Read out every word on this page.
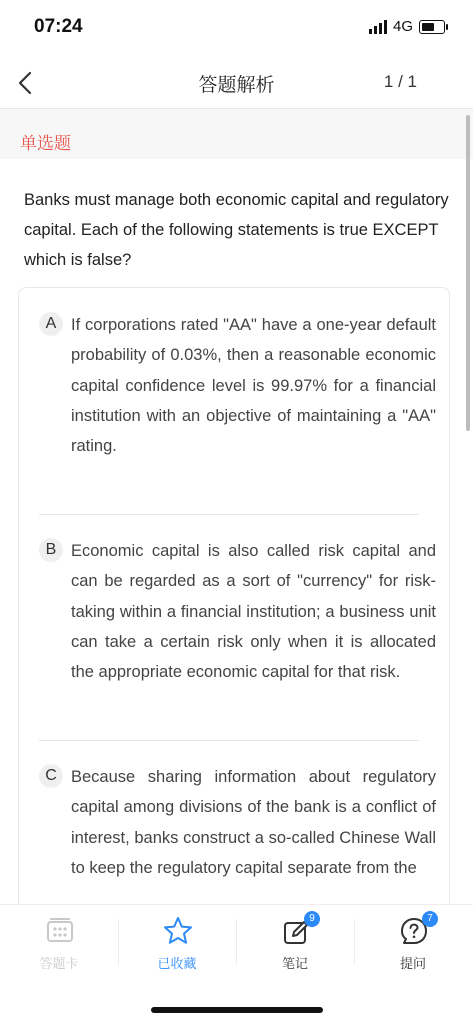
07:24	4G
答题解析	1 / 1
单选题
Banks must manage both economic capital and regulatory capital. Each of the following statements is true EXCEPT which is false?
A If corporations rated "AA" have a one-year default probability of 0.03%, then a reasonable economic capital confidence level is 99.97% for a financial institution with an objective of maintaining a "AA" rating.
B Economic capital is also called risk capital and can be regarded as a sort of "currency" for risk-taking within a financial institution; a business unit can take a certain risk only when it is allocated the appropriate economic capital for that risk.
C Because sharing information about regulatory capital among divisions of the bank is a conflict of interest, banks construct a so-called Chinese Wall to keep the regulatory capital separate from the
答题卡	已收藏
9
笔记
7
提问
